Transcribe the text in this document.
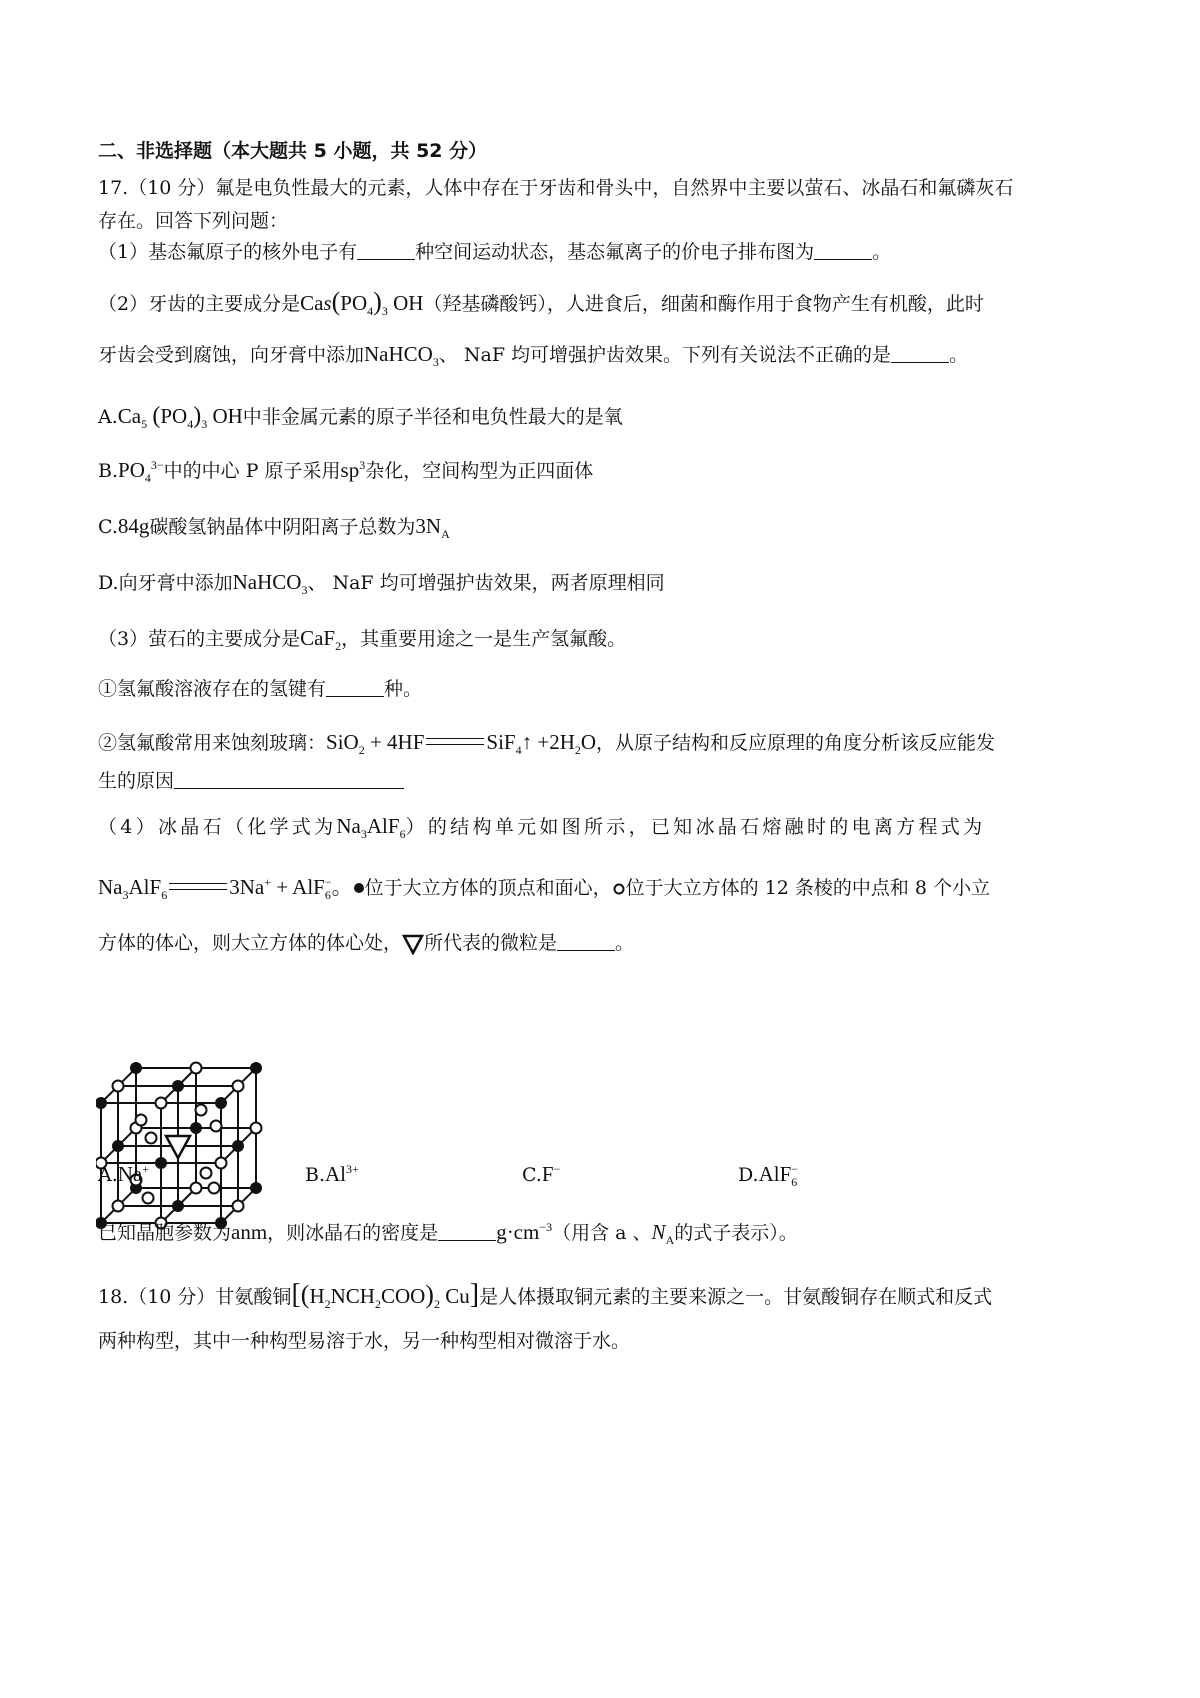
二、非选择题（本大题共 5 小题，共 52 分）
17.（10 分）氟是电负性最大的元素，人体中存在于牙齿和骨头中，自然界中主要以萤石、冰晶石和氟磷灰石
存在。回答下列问题：
（1）基态氟原子的核外电子有	种空间运动状态，基态氟离子的价电子排布图为	。
（2）牙齿的主要成分是$Cas(PO_4)_3$ OH（羟基磷酸钙），人进食后，细菌和酶作用于食物产生有机酸，此时
牙齿会受到腐蚀，向牙膏中添加NaHCO$_3$、 NaF 均可增强护齿效果。下列有关说法不正确的是	。
$A.Ca_5$ $(PO_4)_3$ OH中非金属元素的原子半径和电负性最大的是氧
$B.PO_4^{3-}$中的中心 P 原子采用$sp^3$杂化，空间构型为正四面体
C.84g碳酸氢钠晶体中阴阳离子总数为$3N_A$
D.向牙膏中添加NaHCO$_3$、 NaF 均可增强护齿效果，两者原理相同
（3）萤石的主要成分是CaF$_2$，其重要用途之一是生产氢氟酸。
①氢氟酸溶液存在的氢键有	种。
②氢氟酸常用来蚀刻玻璃：SiO$_2$ + 4HF	SiF$_4$↑ $+2H_2O$，从原子结构和反应原理的角度分析该反应能发
生的原因
（4）冰晶石（化学式为$Na_3AlF_6$）的结构单元如图所示，已知冰晶石熔融时的电离方程式为
$Na_3AlF_6$	3Na+ + AlF$_6$−。 位于大立方体的顶点和面心， 位于大立方体的 12 条棱的中点和 8 个小立
方体的体心，则大立方体的体心处， 所代表的微粒是	。
A.Na+	$B.Al^{3+}$	C.F−	D.AlF$_6$−
已知晶胞参数为anm，则冰晶石的密度是	$g\cdot cm^{-3}$（用含 a 、$N_A$的式子表示）。
18.（10 分）甘氨酸铜[$(H_2NCH_2COO)_2$ Cu]是人体摄取铜元素的主要来源之一。甘氨酸铜存在顺式和反式
两种构型，其中一种构型易溶于水，另一种构型相对微溶于水。
